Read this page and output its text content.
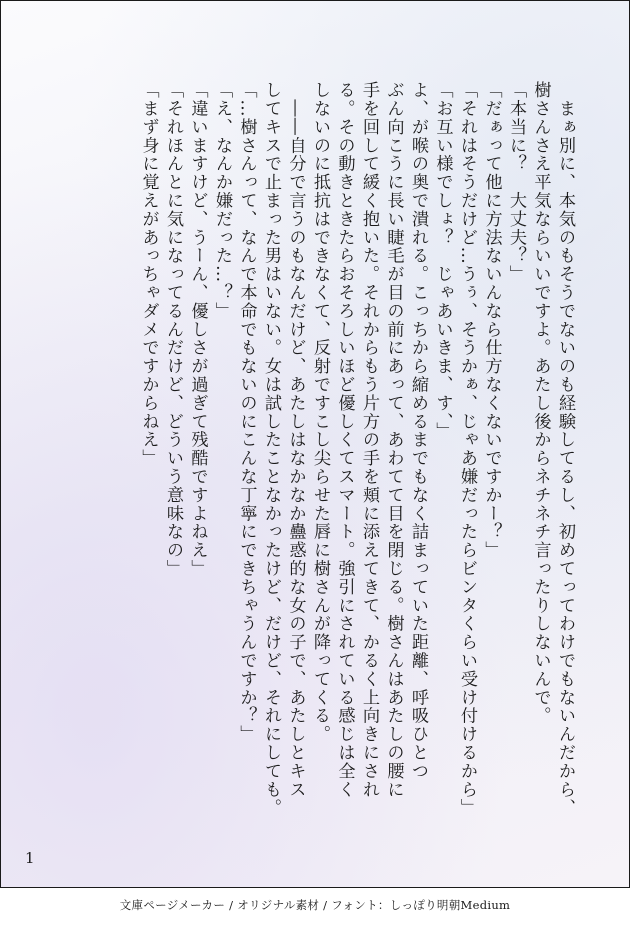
　まぁ別に、本気のもそうでないのも経験してるし、初めてってわけでもないんだから、
樹さんさえ平気ならいいですよ。あたし後からネチネチ言ったりしないんで。
「本当に？　大丈夫？」
「だぁって他に方法ないんなら仕方なくないですかー？」
「それはそうだけど…うぅ、そうかぁ、じゃあ嫌だったらビンタくらい受け付けるから」
「お互い様でしょ？　じゃあいきま、す、」
よ、が喉の奥で潰れる。こっちから縮めるまでもなく詰まっていた距離、呼吸ひとつ
ぶん向こうに長い睫毛が目の前にあって、あわてて目を閉じる。樹さんはあたしの腰に
手を回して緩く抱いた。それからもう片方の手を頬に添えてきて、かるく上向きにされ
る。その動きときたらおそろしいほど優しくてスマート。強引にされている感じは全く
しないのに抵抗はできなくて、反射ですこし尖らせた唇に樹さんが降ってくる。
　――自分で言うのもなんだけど、あたしはなかなか蠱惑的な女の子で、あたしとキス
してキスで止まった男はいない。女は試したことなかったけど、だけど、それにしても。
「…樹さんって、なんで本命でもないのにこんな丁寧にできちゃうんですか？」
「え、なんか嫌だった…？」
「違いますけど、うーん、優しさが過ぎて残酷ですよねえ」
「それほんとに気になってるんだけど、どういう意味なの」
「まず身に覚えがあっちゃダメですからねえ」
1
文庫ページメーカー / オリジナル素材 / フォント：しっぽり明朝Medium
